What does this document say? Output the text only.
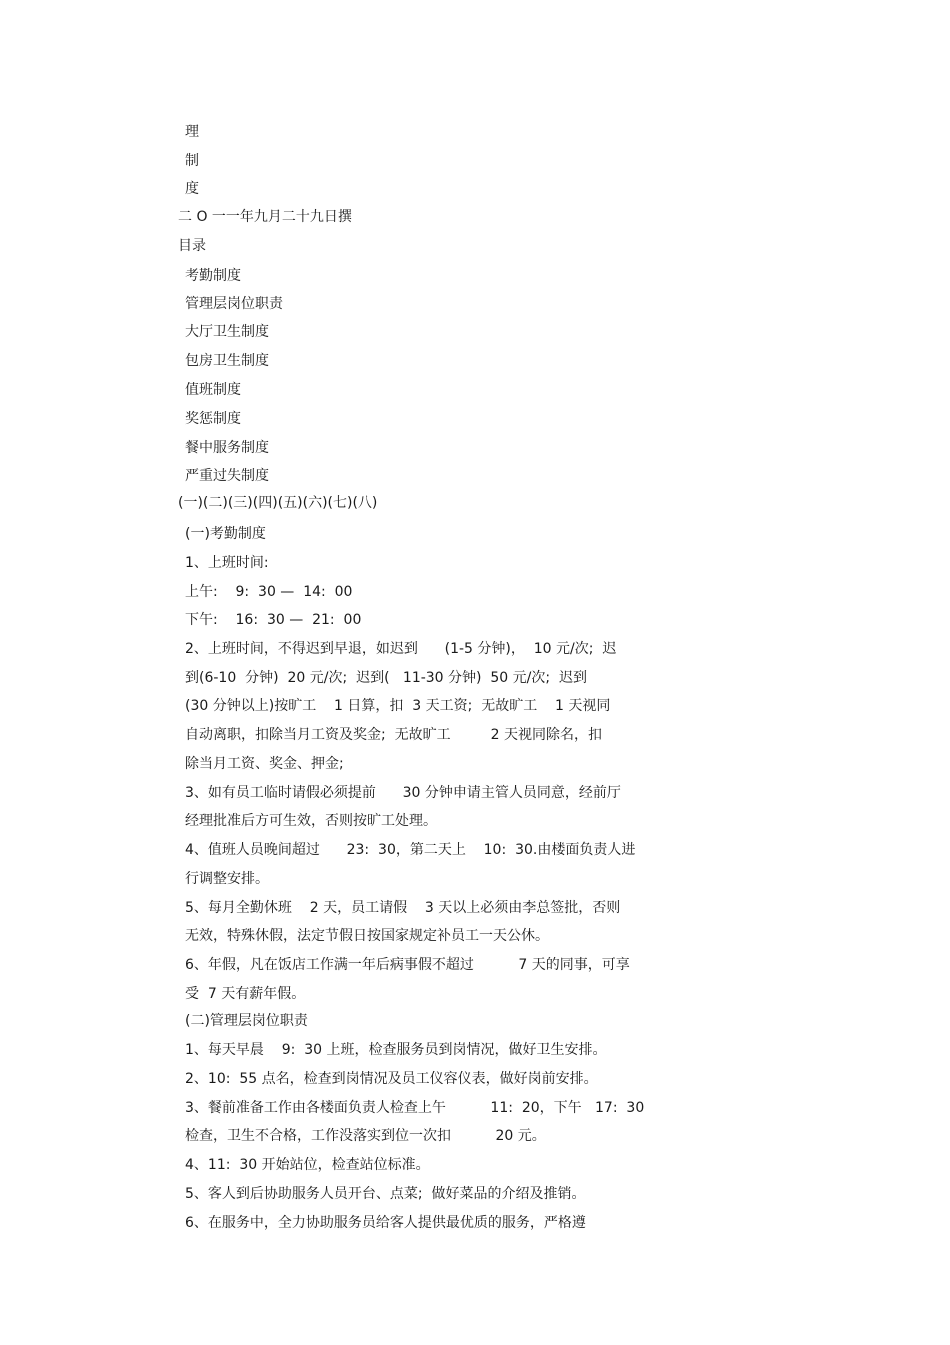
理
制
度
二 O 一一年九月二十九日撰
目录
考勤制度
管理层岗位职责
大厅卫生制度
包房卫生制度
值班制度
奖惩制度
餐中服务制度
严重过失制度
(一)(二)(三)(四)(五)(六)(七)(八)
(一)考勤制度
1、上班时间:
上午:    9:  30 —  14:  00
下午:    16:  30 —  21:  00
2、上班时间，不得迟到早退，如迟到      (1-5 分钟)，  10 元/次;  迟
到(6-10  分钟)  20 元/次;  迟到(   11-30 分钟)  50 元/次;  迟到
(30 分钟以上)按旷工    1 日算，扣  3 天工资;  无故旷工    1 天视同
自动离职，扣除当月工资及奖金;  无故旷工         2 天视同除名，扣
除当月工资、奖金、押金;
3、如有员工临时请假必须提前      30 分钟申请主管人员同意，经前厅
经理批准后方可生效，否则按旷工处理。
4、值班人员晚间超过      23:  30，第二天上    10:  30.由楼面负责人进
行调整安排。
5、每月全勤休班    2 天，员工请假    3 天以上必须由李总签批，否则
无效，特殊休假，法定节假日按国家规定补员工一天公休。
6、年假，凡在饭店工作满一年后病事假不超过          7 天的同事，可享
受  7 天有薪年假。
(二)管理层岗位职责
1、每天早晨    9:  30 上班，检查服务员到岗情况，做好卫生安排。
2、10:  55 点名，检查到岗情况及员工仪容仪表，做好岗前安排。
3、餐前准备工作由各楼面负责人检查上午          11:  20，下午   17:  30
检查，卫生不合格，工作没落实到位一次扣          20 元。
4、11:  30 开始站位，检查站位标准。
5、客人到后协助服务人员开台、点菜;  做好菜品的介绍及推销。
6、在服务中，全力协助服务员给客人提供最优质的服务，严格遵
